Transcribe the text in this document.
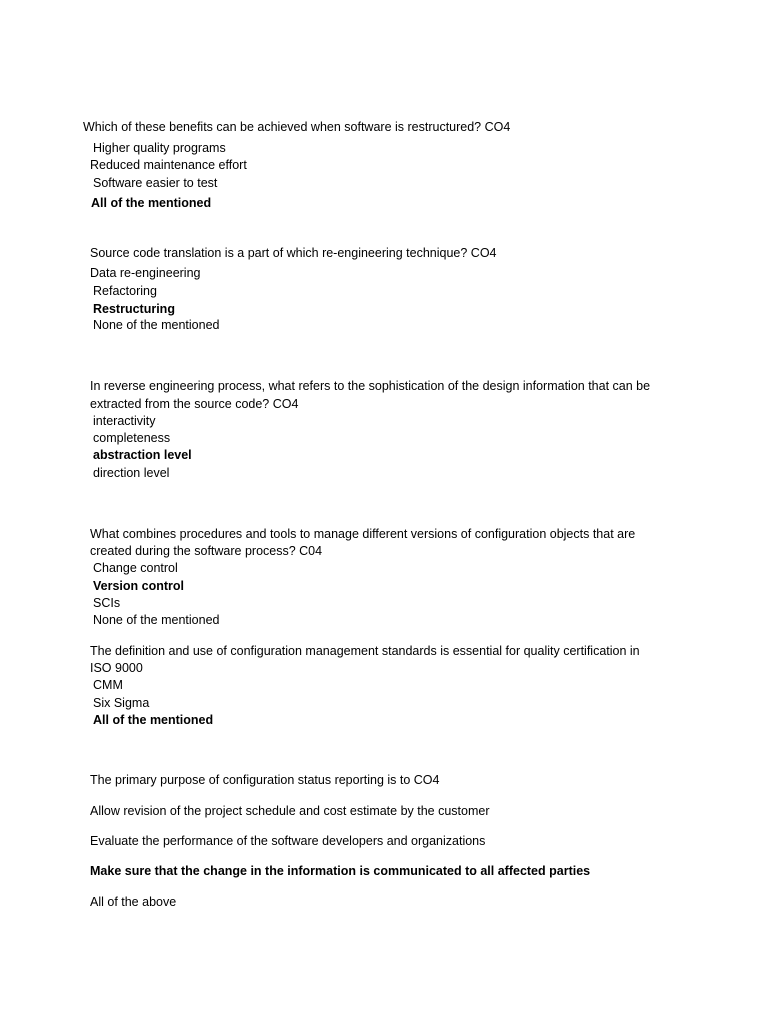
Which of these benefits can be achieved when software is restructured? CO4
Higher quality programs
Reduced maintenance effort
Software easier to test
All of the mentioned
Source code translation is a part of which re-engineering technique? CO4
Data re-engineering
Refactoring
Restructuring
None of the mentioned
In reverse engineering process, what refers to the sophistication of the design information that can be
extracted from the source code? CO4
interactivity
completeness
abstraction level
direction level
What combines procedures and tools to manage different versions of configuration objects that are
created during the software process? C04
Change control
Version control
SCIs
None of the mentioned
The definition and use of configuration management standards is essential for quality certification in
ISO 9000
CMM
Six Sigma
All of the mentioned
The primary purpose of configuration status reporting is to CO4
Allow revision of the project schedule and cost estimate by the customer
Evaluate the performance of the software developers and organizations
Make sure that the change in the information is communicated to all affected parties
All of the above
